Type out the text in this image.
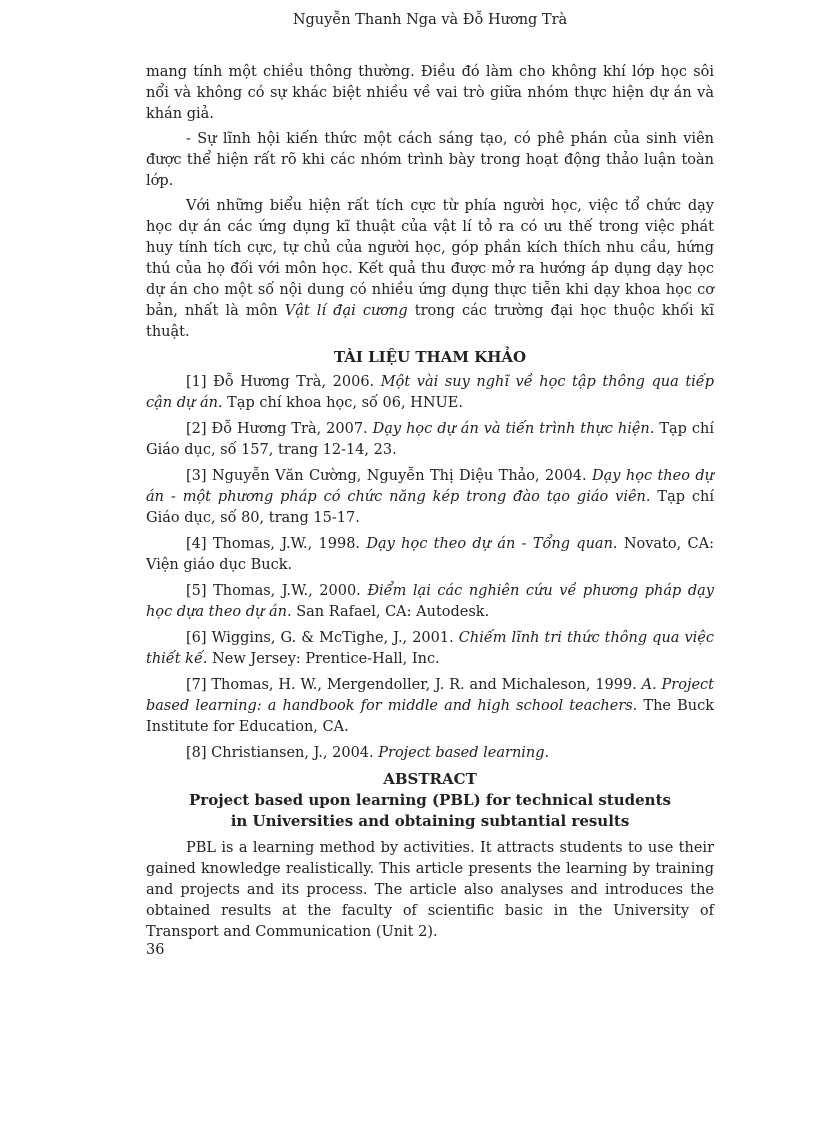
Nguyễn Thanh Nga và Đỗ Hương Trà

mang tính một chiều thông thường. Điều đó làm cho không khí lớp học sôi nổi và không có sự khác biệt nhiều về vai trò giữa nhóm thực hiện dự án và khán giả.

- Sự lĩnh hội kiến thức một cách sáng tạo, có phê phán của sinh viên được thể hiện rất rõ khi các nhóm trình bày trong hoạt động thảo luận toàn lớp.

Với những biểu hiện rất tích cực từ phía người học, việc tổ chức dạy học dự án các ứng dụng kĩ thuật của vật lí tỏ ra có ưu thế trong việc phát huy tính tích cực, tự chủ của người học, góp phần kích thích nhu cầu, hứng thú của họ đối với môn học. Kết quả thu được mở ra hướng áp dụng dạy học dự án cho một số nội dung có nhiều ứng dụng thực tiễn khi dạy khoa học cơ bản, nhất là môn Vật lí đại cương trong các trường đại học thuộc khối kĩ thuật.

TÀI LIỆU THAM KHẢO

[1] Đỗ Hương Trà, 2006. Một vài suy nghĩ về học tập thông qua tiếp cận dự án. Tạp chí khoa học, số 06, HNUE.

[2] Đỗ Hương Trà, 2007. Dạy học dự án và tiến trình thực hiện. Tạp chí Giáo dục, số 157, trang 12-14, 23.

[3] Nguyễn Văn Cường, Nguyễn Thị Diệu Thảo, 2004. Dạy học theo dự án - một phương pháp có chức năng kép trong đào tạo giáo viên. Tạp chí Giáo dục, số 80, trang 15-17.

[4] Thomas, J.W., 1998. Dạy học theo dự án - Tổng quan. Novato, CA: Viện giáo dục Buck.

[5] Thomas, J.W., 2000. Điểm lại các nghiên cứu về phương pháp dạy học dựa theo dự án. San Rafael, CA: Autodesk.

[6] Wiggins, G. & McTighe, J., 2001. Chiếm lĩnh tri thức thông qua việc thiết kế. New Jersey: Prentice-Hall, Inc.

[7] Thomas, H. W., Mergendoller, J. R. and Michaleson, 1999. A. Project based learning: a handbook for middle and high school teachers. The Buck Institute for Education, CA.

[8] Christiansen, J., 2004. Project based learning.

ABSTRACT
Project based upon learning (PBL) for technical students
in Universities and obtaining subtantial results

PBL is a learning method by activities. It attracts students to use their gained knowledge realistically. This article presents the learning by training and projects and its process. The article also analyses and introduces the obtained results at the faculty of scientific basic in the University of Transport and Communication (Unit 2).

36
